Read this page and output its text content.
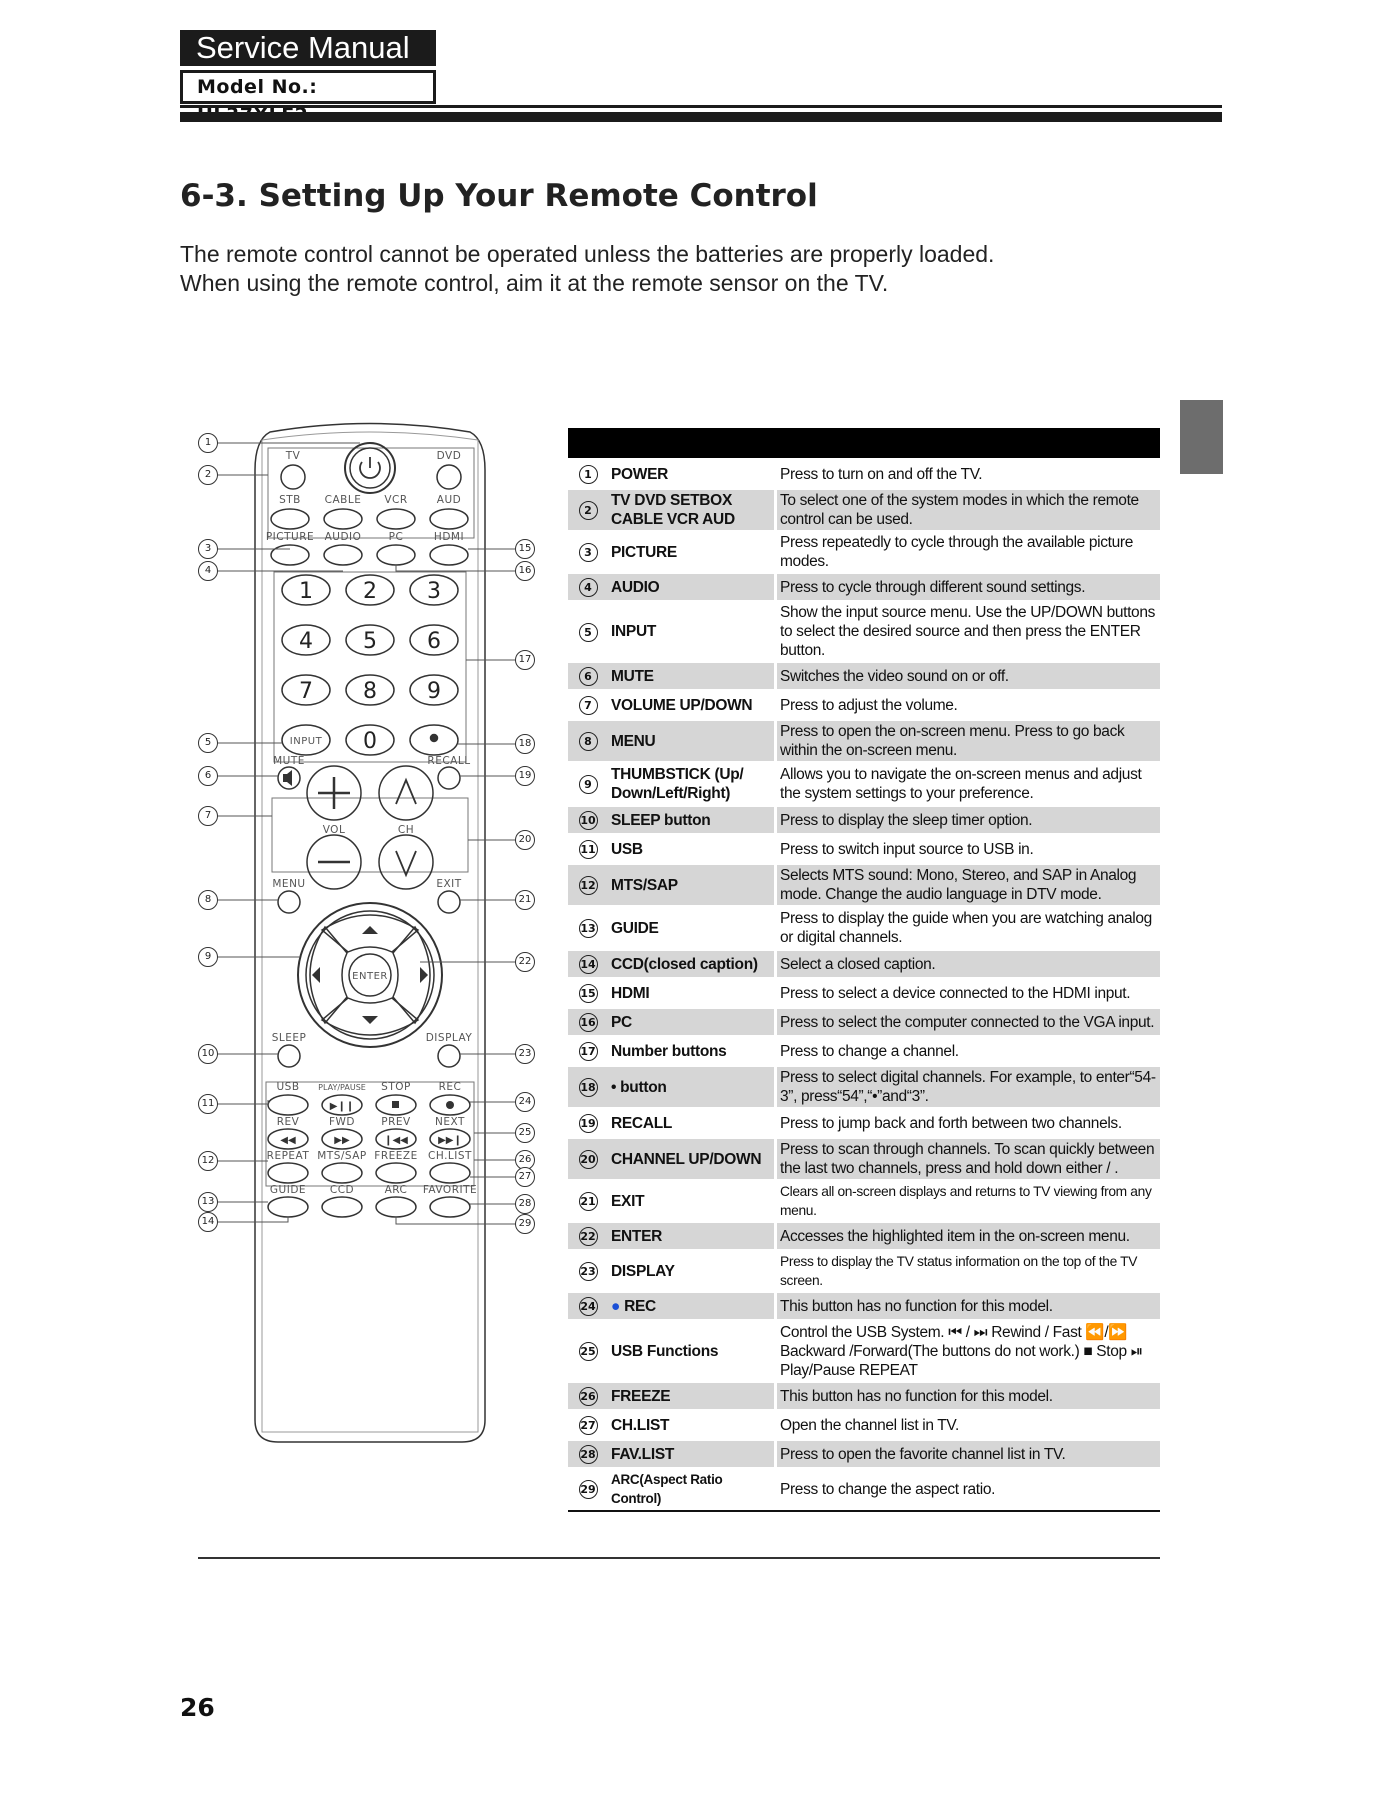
Service Manual
Model No.:
6-3. Setting Up Your Remote Control

The remote control cannot be operated unless the batteries are properly loaded.

When using the remote control, aim it at the remote sensor on the TV.

▶❙❙
◀◀	▶▶	❙◀◀	▶▶❙
TV	DVD
STB CABLE VCR	AUD
PICTURE AUDIO	PC	HDMI
INPUT
MUTE	RECALL
VOL	CH
MENU	EXIT
ENTER
SLEEP	DISPLAY
USB PLAY/PAUSE STOP	REC
REV	FWD	PREV NEXT
REPEAT MTS/SAP FREEZE CH.LIST
GUIDE CCD	ARC FAVORITE
1 2 3
4 5 6
7 8 9
0
1
2
3
4
5
6
7
8
9
10
11
12
13
14
15
16
17
18
19
20
21
22
23
24
25
26
27
28
29
1	POWER	Press to turn on and off the TV.
2	TV DVD SETBOX CABLE VCR AUD	To select one of the system modes in which the remote control can be used.
3	PICTURE	Press repeatedly to cycle through the available picture modes.
4	AUDIO	Press to cycle through different sound settings.
5	INPUT	Show the input source menu. Use the UP/DOWN buttons to select the desired source and then press the ENTER button.
6	MUTE	Switches the video sound on or off.
7	VOLUME UP/DOWN	Press to adjust the volume.
8	MENU	Press to open the on-screen menu. Press to go back within the on-screen menu.
9	THUMBSTICK (Up/ Down/Left/Right)	Allows you to navigate the on-screen menus and adjust the system settings to your preference.
10	SLEEP button	Press to display the sleep timer option.
11	USB	Press to switch input source to USB in.
12	MTS/SAP	Selects MTS sound: Mono, Stereo, and SAP in Analog mode. Change the audio language in DTV mode.
13	GUIDE	Press to display the guide when you are watching analog or digital channels.
14	CCD(closed caption)	Select a closed caption.
15	HDMI	Press to select a device connected to the HDMI input.
16	PC	Press to select the computer connected to the VGA input.
17	Number buttons	Press to change a channel.
18	• button	Press to select digital channels. For example, to enter“54-3”, press“54”,“•”and“3”.
19	RECALL	Press to jump back and forth between two channels.
20	CHANNEL UP/DOWN	Press to scan through channels. To scan quickly between the last two channels, press and hold down either / .
21	EXIT	Clears all on-screen displays and returns to TV viewing from any menu.
22	ENTER	Accesses the highlighted item in the on-screen menu.
23	DISPLAY	Press to display the TV status information on the top of the TV screen.
24	● REC	This button has no function for this model.
25	USB Functions	Control the USB System. ⏮ / ⏭ Rewind / Fast ⏪/⏩ Backward /Forward(The buttons do not work.) ■ Stop ⏯ Play/Pause REPEAT
26	FREEZE	This button has no function for this model.
27	CH.LIST	Open the channel list in TV.
28	FAV.LIST	Press to open the favorite channel list in TV.
29	ARC(Aspect Ratio Control)	Press to change the aspect ratio.
26
